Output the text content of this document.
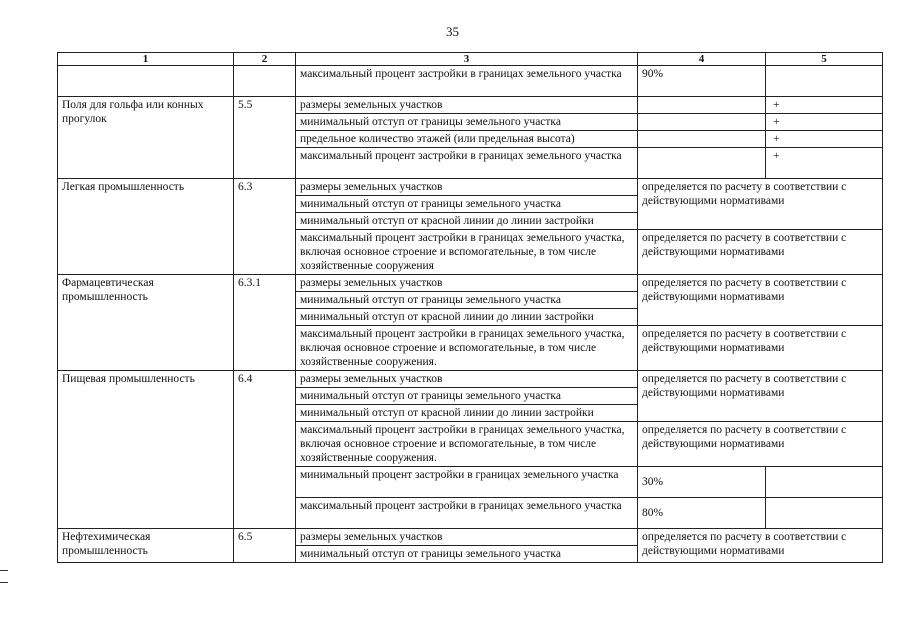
35
1	2	3	4	5
		максимальный процент застройки в границах земельного участка	90%	
Поля для гольфа или конных прогулок	5.5	размеры земельных участков		+
		минимальный отступ от границы земельного участка		+
		предельное количество этажей (или предельная высота)		+
		максимальный процент застройки в границах земельного участка		+
Легкая промышленность	6.3	размеры земельных участков	определяется по расчету в соответствии с действующими нормативами	
		минимальный отступ от границы земельного участка		
		минимальный отступ от красной линии до линии застройки		
		максимальный процент застройки в границах земельного участка, включая основное строение и вспомогательные, в том числе хозяйственные сооружения	определяется по расчету в соответствии с действующими нормативами	
Фармацевтическая промышленность	6.3.1	размеры земельных участков	определяется по расчету в соответствии с действующими нормативами	
		минимальный отступ от границы земельного участка		
		минимальный отступ от красной линии до линии застройки		
		максимальный процент застройки в границах земельного участка, включая основное строение и вспомогательные, в том числе хозяйственные сооружения.	определяется по расчету в соответствии с действующими нормативами	
Пищевая промышленность	6.4	размеры земельных участков	определяется по расчету в соответствии с действующими нормативами	
		минимальный отступ от границы земельного участка		
		минимальный отступ от красной линии до линии застройки		
		максимальный процент застройки в границах земельного участка, включая основное строение и вспомогательные, в том числе хозяйственные сооружения.	определяется по расчету в соответствии с действующими нормативами	
		минимальный процент застройки в границах земельного участка	30%	
		максимальный процент застройки в границах земельного участка	80%	
Нефтехимическая промышленность	6.5	размеры земельных участков	определяется по расчету в соответствии с действующими нормативами	
		минимальный отступ от границы земельного участка		
